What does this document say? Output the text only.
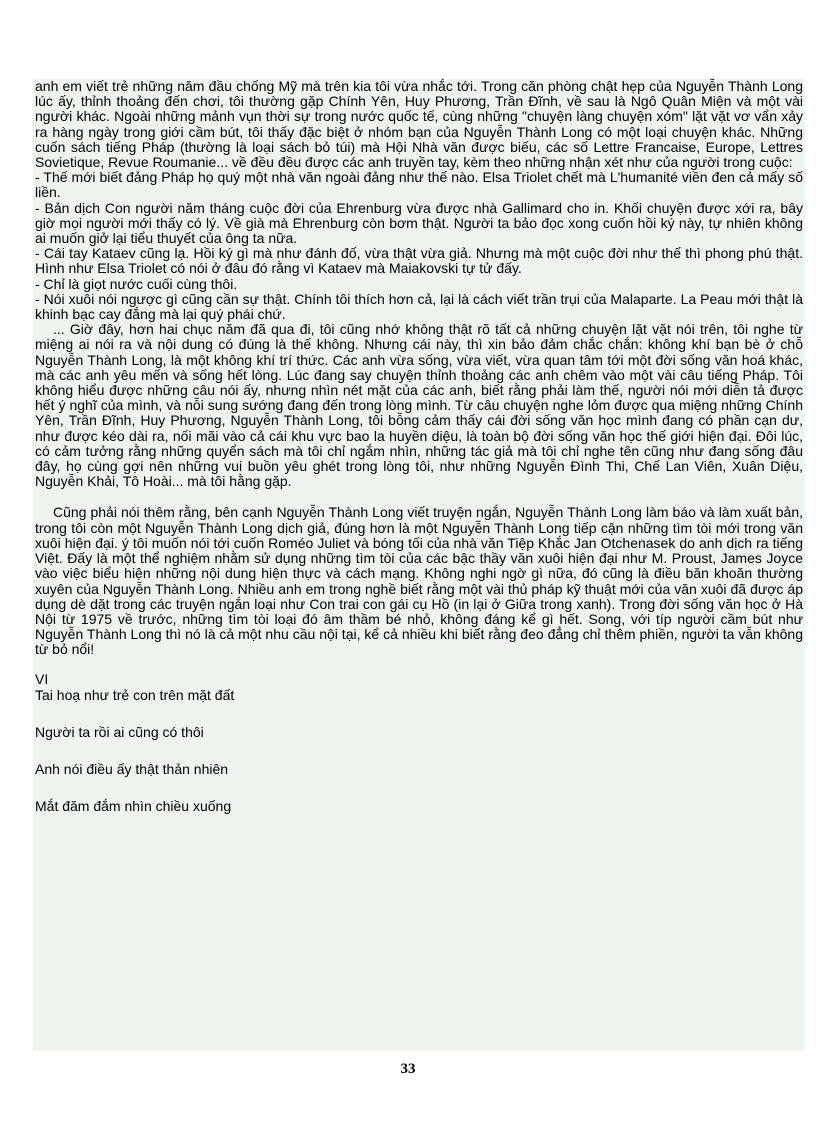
anh em viết trẻ những năm đầu chống Mỹ mà trên kia tôi vừa nhắc tới. Trong căn phòng chật hẹp của Nguyễn Thành Long lúc ấy, thỉnh thoảng đến chơi, tôi thường gặp Chính Yên, Huy Phương, Trần Đĩnh, về sau là Ngô Quân Miện và một vài người khác. Ngoài những mảnh vụn thời sự trong nước quốc tế, cùng những "chuyện làng chuyện xóm" lặt vặt vơ vẩn xảy ra hàng ngày trong giới cầm bút, tôi thấy đặc biệt ở nhóm bạn của Nguyễn Thành Long có một loại chuyện khác. Những cuốn sách tiếng Pháp (thường là loại sách bỏ túi) mà Hội Nhà văn được biếu, các số Lettre Francaise, Europe, Lettres Sovietique, Revue Roumanie... về đều đều được các anh truyền tay, kèm theo những nhận xét như của người trong cuộc:

- Thế mới biết đảng Pháp họ quý một nhà văn ngoài đảng như thế nào. Elsa Triolet chết mà L'humanité viền đen cả mấy số liền.

- Bản dịch Con người năm tháng cuộc đời của Ehrenburg vừa được nhà Gallimard cho in. Khối chuyện được xới ra, bây giờ mọi người mới thấy có lý. Về già mà Ehrenburg còn bơm thật. Người ta bảo đọc xong cuốn hồi ký này, tự nhiên không ai muốn giở lại tiểu thuyết của ông ta nữa.

- Cái tay Kataev cũng lạ. Hồi ký gì mà như đánh đố, vừa thật vừa giả. Nhưng mà một cuộc đời như thế thì phong phú thật. Hình như Elsa Triolet có nói ở đâu đó rằng vì Kataev mà Maiakovski tự tử đấy.

- Chỉ là giọt nước cuối cùng thôi.

- Nói xuôi nói ngược gì cũng cần sự thật. Chính tôi thích hơn cả, lại là cách viết trần trụi của Malaparte. La Peau mới thật là khinh bạc cay đắng mà lại quý phái chứ.

... Giờ đây, hơn hai chục năm đã qua đi, tôi cũng nhớ không thật rõ tất cả những chuyện lặt vặt nói trên, tôi nghe từ miệng ai nói ra và nội dung có đúng là thế không. Nhưng cái này, thì xin bảo đảm chắc chắn: không khí bạn bè ở chỗ Nguyễn Thành Long, là một không khí trí thức. Các anh vừa sống, vừa viết, vừa quan tâm tới một đời sống văn hoá khác, mà các anh yêu mến và sống hết lòng. Lúc đang say chuyện thỉnh thoảng các anh chêm vào một vài câu tiếng Pháp. Tôi không hiểu được những câu nói ấy, nhưng nhìn nét mặt của các anh, biết rằng phải làm thế, người nói mới diễn tả được hết ý nghĩ của mình, và nỗi sung sướng đang đến trong lòng mình. Từ câu chuyện nghe lỏm được qua miệng những Chính Yên, Trần Đĩnh, Huy Phương, Nguyễn Thành Long, tôi bỗng cảm thấy cái đời sống văn học mình đang có phần cạn dư, như được kéo dài ra, nối mãi vào cả cái khu vực bao la huyền diệu, là toàn bộ đời sống văn học thế giới hiện đại. Đôi lúc, có cảm tưởng rằng những quyển sách mà tôi chỉ ngắm nhìn, những tác giả mà tôi chỉ nghe tên cũng như đang sống đâu đây, họ cùng gợi nên những vui buồn yêu ghét trong lòng tôi, như những Nguyễn Đình Thi, Chế Lan Viên, Xuân Diệu, Nguyễn Khải, Tô Hoài... mà tôi hằng gặp.

Cũng phải nói thêm rằng, bên cạnh Nguyễn Thành Long viết truyện ngắn, Nguyễn Thành Long làm báo và làm xuất bản, trong tôi còn một Nguyễn Thành Long dịch giả, đúng hơn là một Nguyễn Thành Long tiếp cận những tìm tòi mới trong văn xuôi hiện đại. ý tôi muốn nói tới cuốn Roméo Juliet và bóng tối của nhà văn Tiệp Khắc Jan Otchenasek do anh dịch ra tiếng Việt. Đấy là một thể nghiệm nhằm sử dụng những tìm tòi của các bậc thầy văn xuôi hiện đại như M. Proust, James Joyce vào việc biểu hiện những nội dung hiện thực và cách mạng. Không nghi ngờ gì nữa, đó cũng là điều băn khoăn thường xuyên của Nguyễn Thành Long. Nhiều anh em trong nghề biết rằng một vài thủ pháp kỹ thuật mới của văn xuôi đã được áp dụng dè dặt trong các truyện ngắn loại như Con trai con gái cụ Hồ (in lại ở Giữa trong xanh). Trong đời sống văn học ở Hà Nội từ 1975 về trước, những tìm tòi loại đó âm thầm bé nhỏ, không đáng kể gì hết. Song, với típ người cầm bút như Nguyễn Thành Long thì nó là cả một nhu cầu nội tại, kể cả nhiều khi biết rằng đeo đẳng chỉ thêm phiền, người ta vẫn không từ bỏ nổi!

VI

Tai hoạ như trẻ con trên mặt đất

Người ta rồi ai cũng có thôi

Anh nói điều ấy thật thản nhiên

Mắt đăm đắm nhìn chiều xuống

33
